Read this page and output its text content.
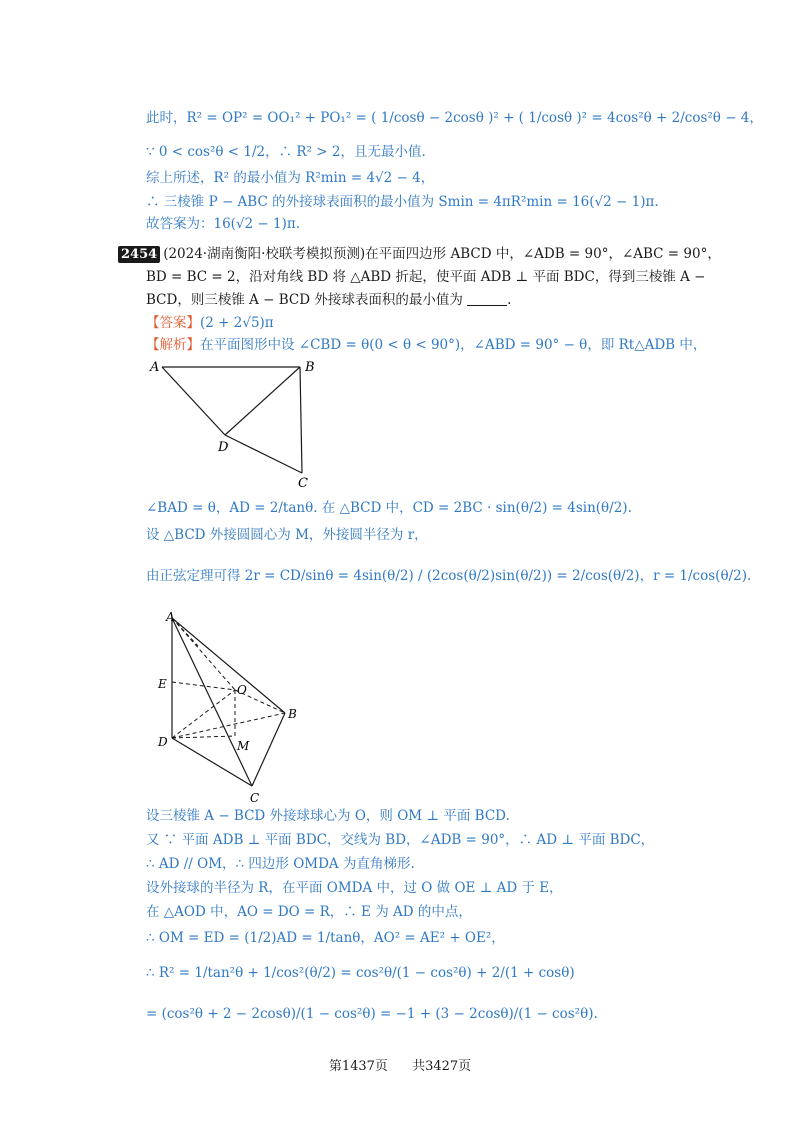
此时，R² = OP² = OO₁² + PO₁² = ( 1/cosθ − 2cosθ )² + ( 1/cosθ )² = 4cos²θ + 2/cos²θ − 4，
∵ 0 < cos²θ < 1/2，∴ R² > 2，且无最小值.
综上所述，R² 的最小值为 R²min = 4√2 − 4，
∴ 三棱锥 P − ABC 的外接球表面积的最小值为 Smin = 4πR²min = 16(√2 − 1)π.
故答案为：16(√2 − 1)π.
2454 (2024·湖南衡阳·校联考模拟预测)在平面四边形 ABCD 中，∠ADB = 90°，∠ABC = 90°，
BD = BC = 2，沿对角线 BD 将 △ABD 折起，使平面 ADB ⊥ 平面 BDC，得到三棱锥 A −
BCD，则三棱锥 A − BCD 外接球表面积的最小值为	.
【答案】(2 + 2√5)π
【解析】在平面图形中设 ∠CBD = θ(0 < θ < 90°)，∠ABD = 90° − θ，即 Rt△ADB 中，
A	B
C
D
∠BAD = θ，AD = 2/tanθ. 在 △BCD 中，CD = 2BC · sin(θ/2) = 4sin(θ/2).
设 △BCD 外接圆圆心为 M，外接圆半径为 r，
由正弦定理可得 2r = CD/sinθ = 4sin(θ/2) / (2cos(θ/2)sin(θ/2)) = 2/cos(θ/2)，r = 1/cos(θ/2).
A
B
C
D
E	O
M
设三棱锥 A − BCD 外接球球心为 O，则 OM ⊥ 平面 BCD.
又 ∵ 平面 ADB ⊥ 平面 BDC，交线为 BD，∠ADB = 90°，∴ AD ⊥ 平面 BDC，
∴ AD // OM，∴ 四边形 OMDA 为直角梯形.
设外接球的半径为 R，在平面 OMDA 中，过 O 做 OE ⊥ AD 于 E，
在 △AOD 中，AO = DO = R，∴ E 为 AD 的中点，
∴ OM = ED = (1/2)AD = 1/tanθ，AO² = AE² + OE²，
∴ R² = 1/tan²θ + 1/cos²(θ/2) = cos²θ/(1 − cos²θ) + 2/(1 + cosθ)
= (cos²θ + 2 − 2cosθ)/(1 − cos²θ) = −1 + (3 − 2cosθ)/(1 − cos²θ).
第1437页 共3427页
